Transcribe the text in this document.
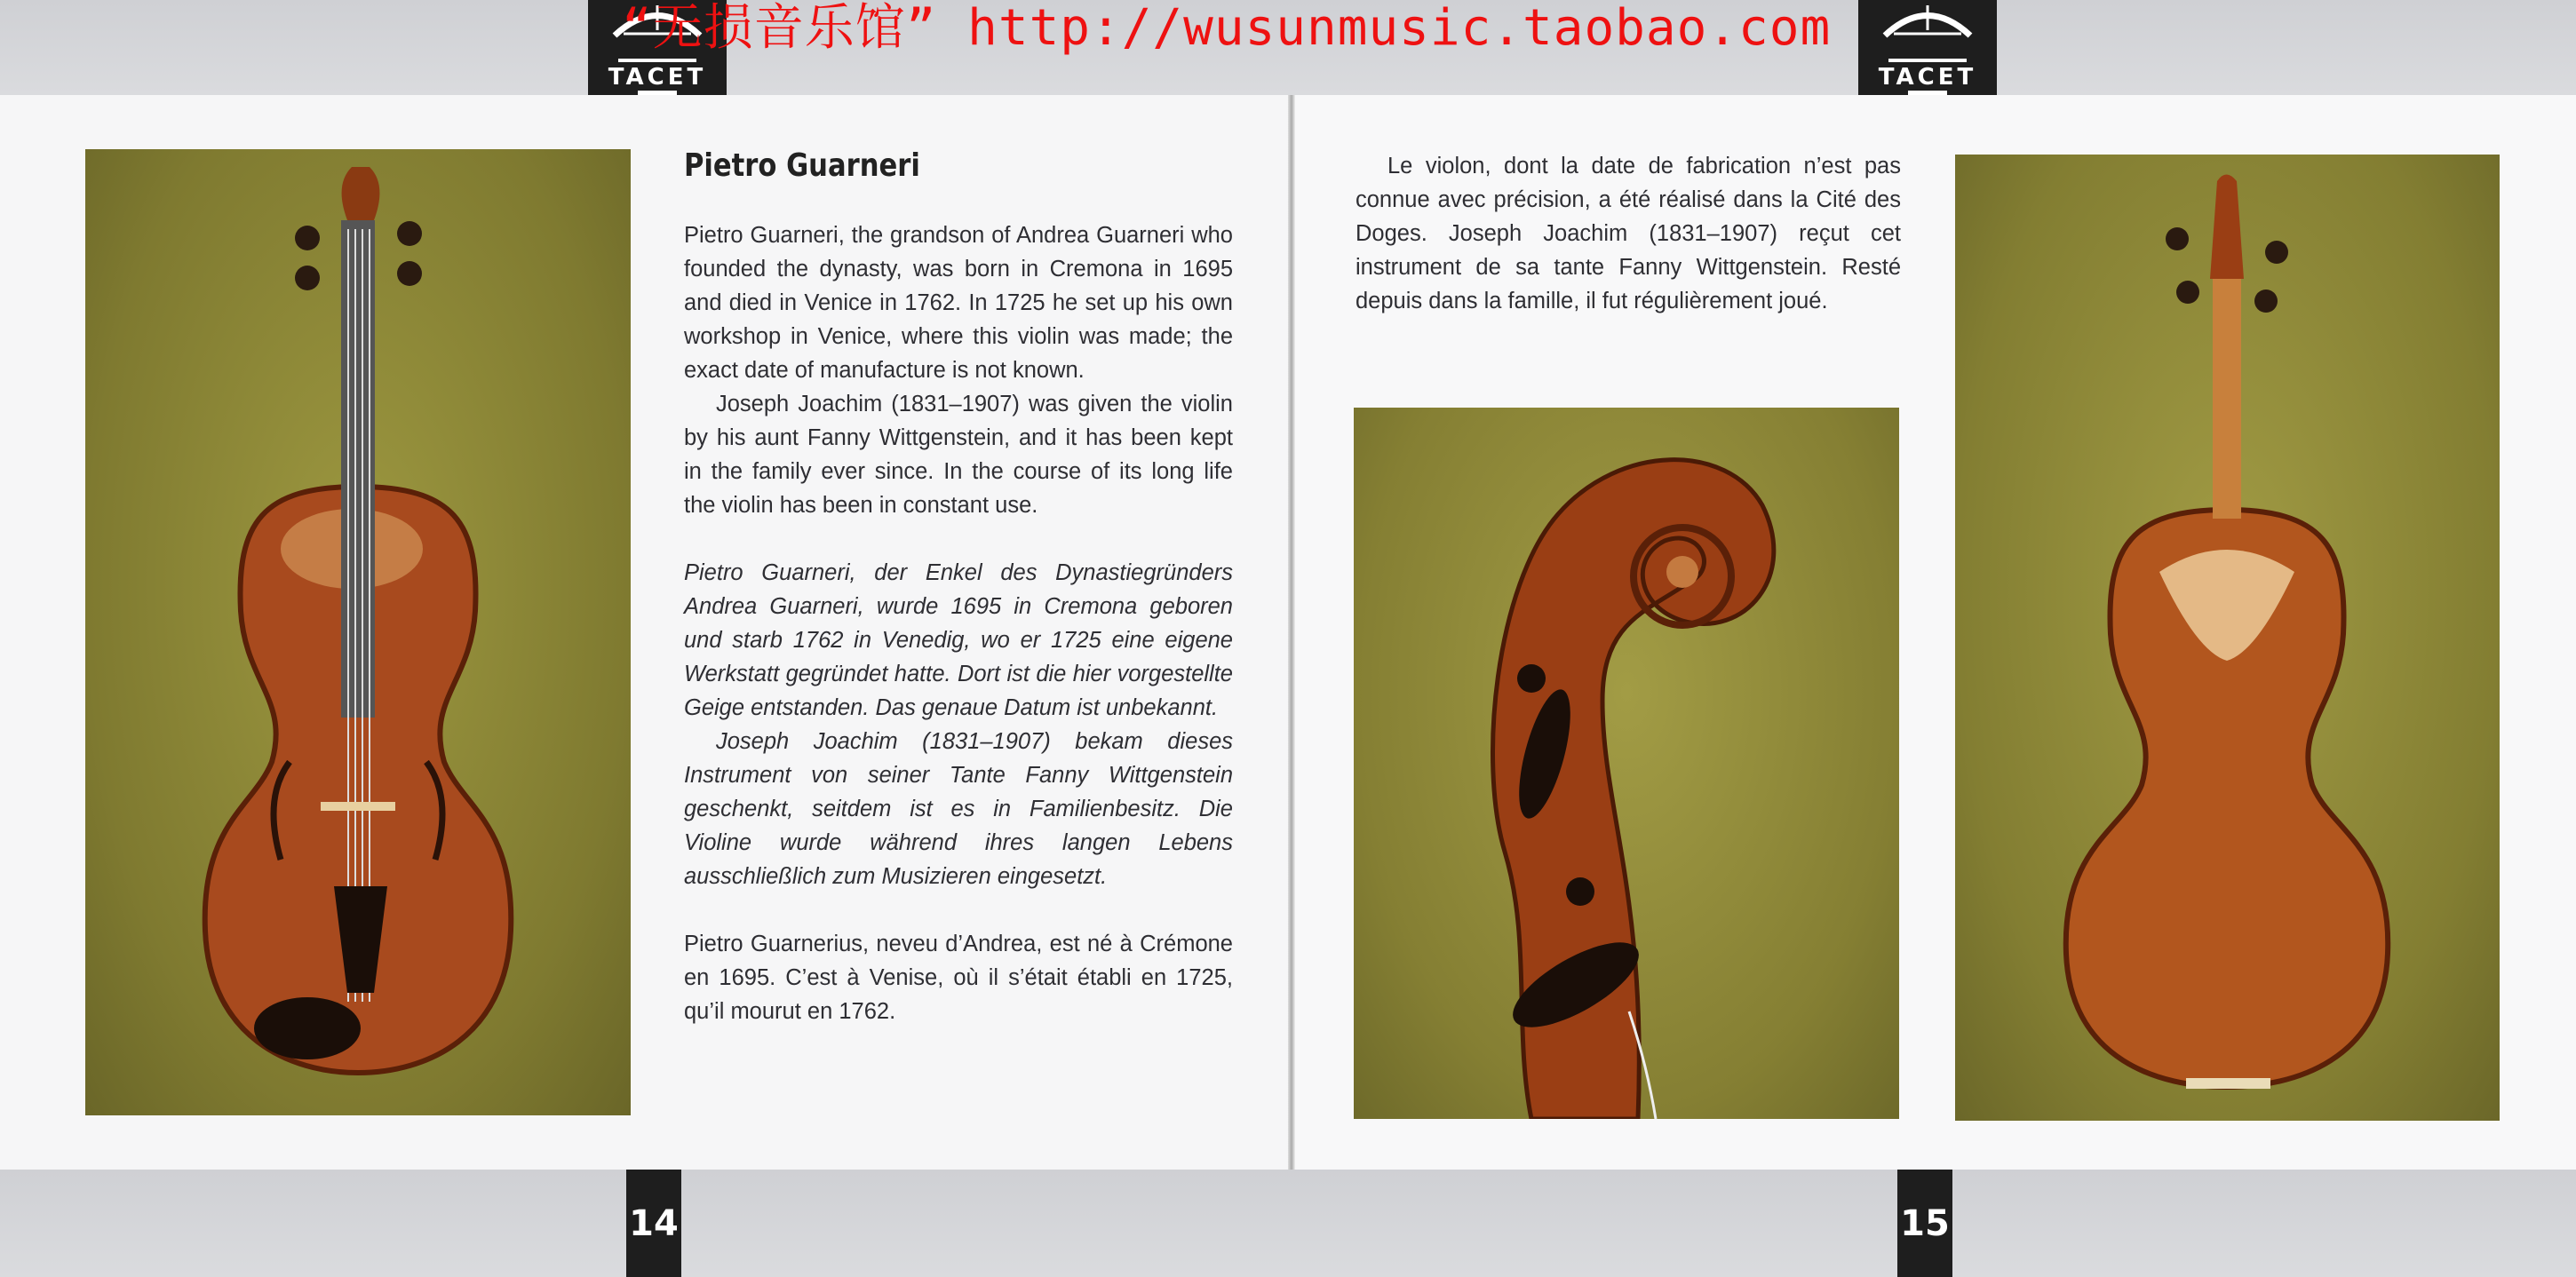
TACET	TACET
“无损音乐馆” http://wusunmusic.taobao.com
Pietro Guarneri

Pietro Guarneri, the grandson of Andrea Guarneri who founded the dynasty, was born in Cremona in 1695 and died in Venice in 1762. In 1725 he set up his own workshop in Venice, where this violin was made; the exact date of manufacture is not known.

Joseph Joachim (1831–1907) was given the violin by his aunt Fanny Wittgenstein, and it has been kept in the family ever since. In the course of its long life the violin has been in constant use.

Pietro Guarneri, der Enkel des Dynastiegründers Andrea Guarneri, wurde 1695 in Cremona geboren und starb 1762 in Venedig, wo er 1725 eine eigene Werkstatt gegründet hatte. Dort ist die hier vorgestellte Geige entstanden. Das genaue Datum ist unbekannt.

Joseph Joachim (1831–1907) bekam dieses Instrument von seiner Tante Fanny Wittgenstein geschenkt, seitdem ist es in Familienbesitz. Die Violine wurde während ihres langen Lebens ausschließlich zum Musizieren eingesetzt.

Pietro Guarnerius, neveu d’Andrea, est né à Crémone en 1695. C’est à Venise, où il s’était établi en 1725, qu’il mourut en 1762.

14

Le violon, dont la date de fabrication n’est pas connue avec précision, a été réalisé dans la Cité des Doges. Joseph Joachim (1831–1907) reçut cet instrument de sa tante Fanny Wittgenstein. Resté depuis dans la famille, il fut régulièrement joué.

15
